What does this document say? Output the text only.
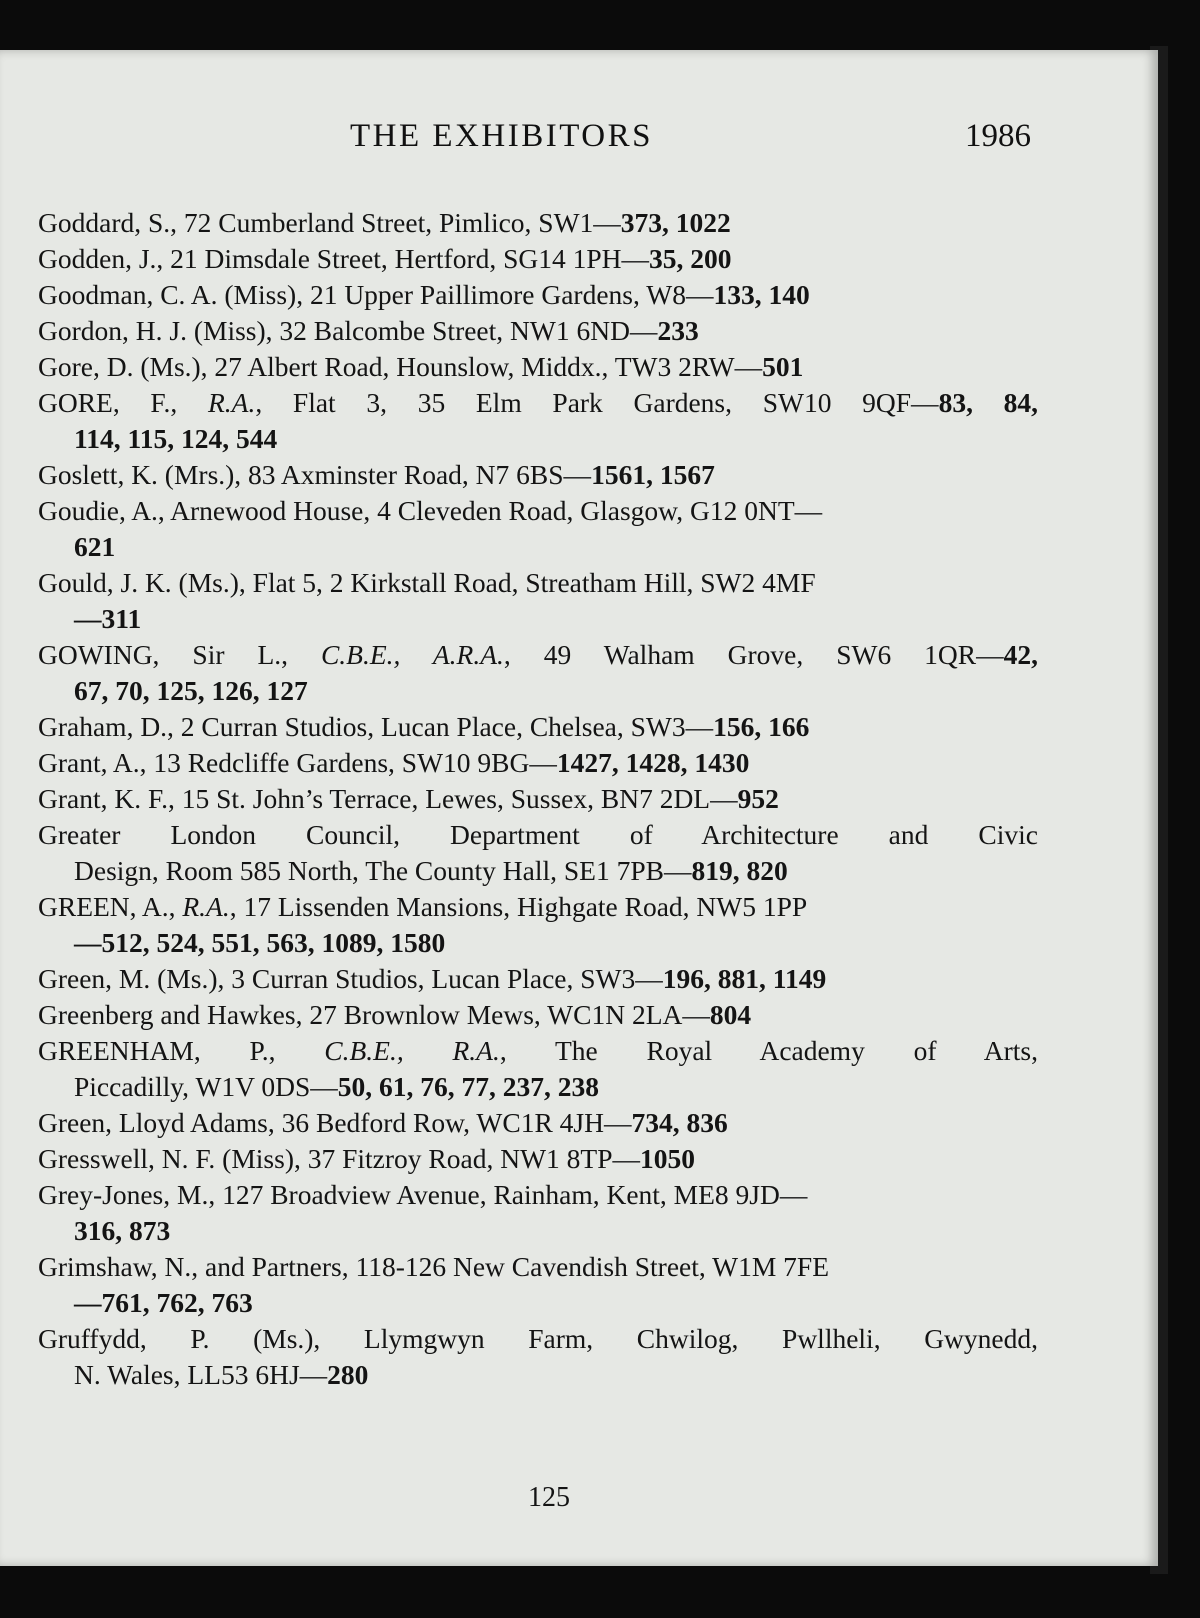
THE EXHIBITORS	1986
Goddard, S., 72 Cumberland Street, Pimlico, SW1—373, 1022
Godden, J., 21 Dimsdale Street, Hertford, SG14 1PH—35, 200
Goodman, C. A. (Miss), 21 Upper Paillimore Gardens, W8—133, 140
Gordon, H. J. (Miss), 32 Balcombe Street, NW1 6ND—233
Gore, D. (Ms.), 27 Albert Road, Hounslow, Middx., TW3 2RW—501
GORE, F., R.A., Flat 3, 35 Elm Park Gardens, SW10 9QF—83, 84,
114, 115, 124, 544
Goslett, K. (Mrs.), 83 Axminster Road, N7 6BS—1561, 1567
Goudie, A., Arnewood House, 4 Cleveden Road, Glasgow, G12 0NT—
621
Gould, J. K. (Ms.), Flat 5, 2 Kirkstall Road, Streatham Hill, SW2 4MF
—311
GOWING, Sir L., C.B.E., A.R.A., 49 Walham Grove, SW6 1QR—42,
67, 70, 125, 126, 127
Graham, D., 2 Curran Studios, Lucan Place, Chelsea, SW3—156, 166
Grant, A., 13 Redcliffe Gardens, SW10 9BG—1427, 1428, 1430
Grant, K. F., 15 St. John’s Terrace, Lewes, Sussex, BN7 2DL—952
Greater London Council, Department of Architecture and Civic
Design, Room 585 North, The County Hall, SE1 7PB—819, 820
GREEN, A., R.A., 17 Lissenden Mansions, Highgate Road, NW5 1PP
—512, 524, 551, 563, 1089, 1580
Green, M. (Ms.), 3 Curran Studios, Lucan Place, SW3—196, 881, 1149
Greenberg and Hawkes, 27 Brownlow Mews, WC1N 2LA—804
GREENHAM, P., C.B.E., R.A., The Royal Academy of Arts,
Piccadilly, W1V 0DS—50, 61, 76, 77, 237, 238
Green, Lloyd Adams, 36 Bedford Row, WC1R 4JH—734, 836
Gresswell, N. F. (Miss), 37 Fitzroy Road, NW1 8TP—1050
Grey-Jones, M., 127 Broadview Avenue, Rainham, Kent, ME8 9JD—
316, 873
Grimshaw, N., and Partners, 118-126 New Cavendish Street, W1M 7FE
—761, 762, 763
Gruffydd, P. (Ms.), Llymgwyn Farm, Chwilog, Pwllheli, Gwynedd,
N. Wales, LL53 6HJ—280
125
